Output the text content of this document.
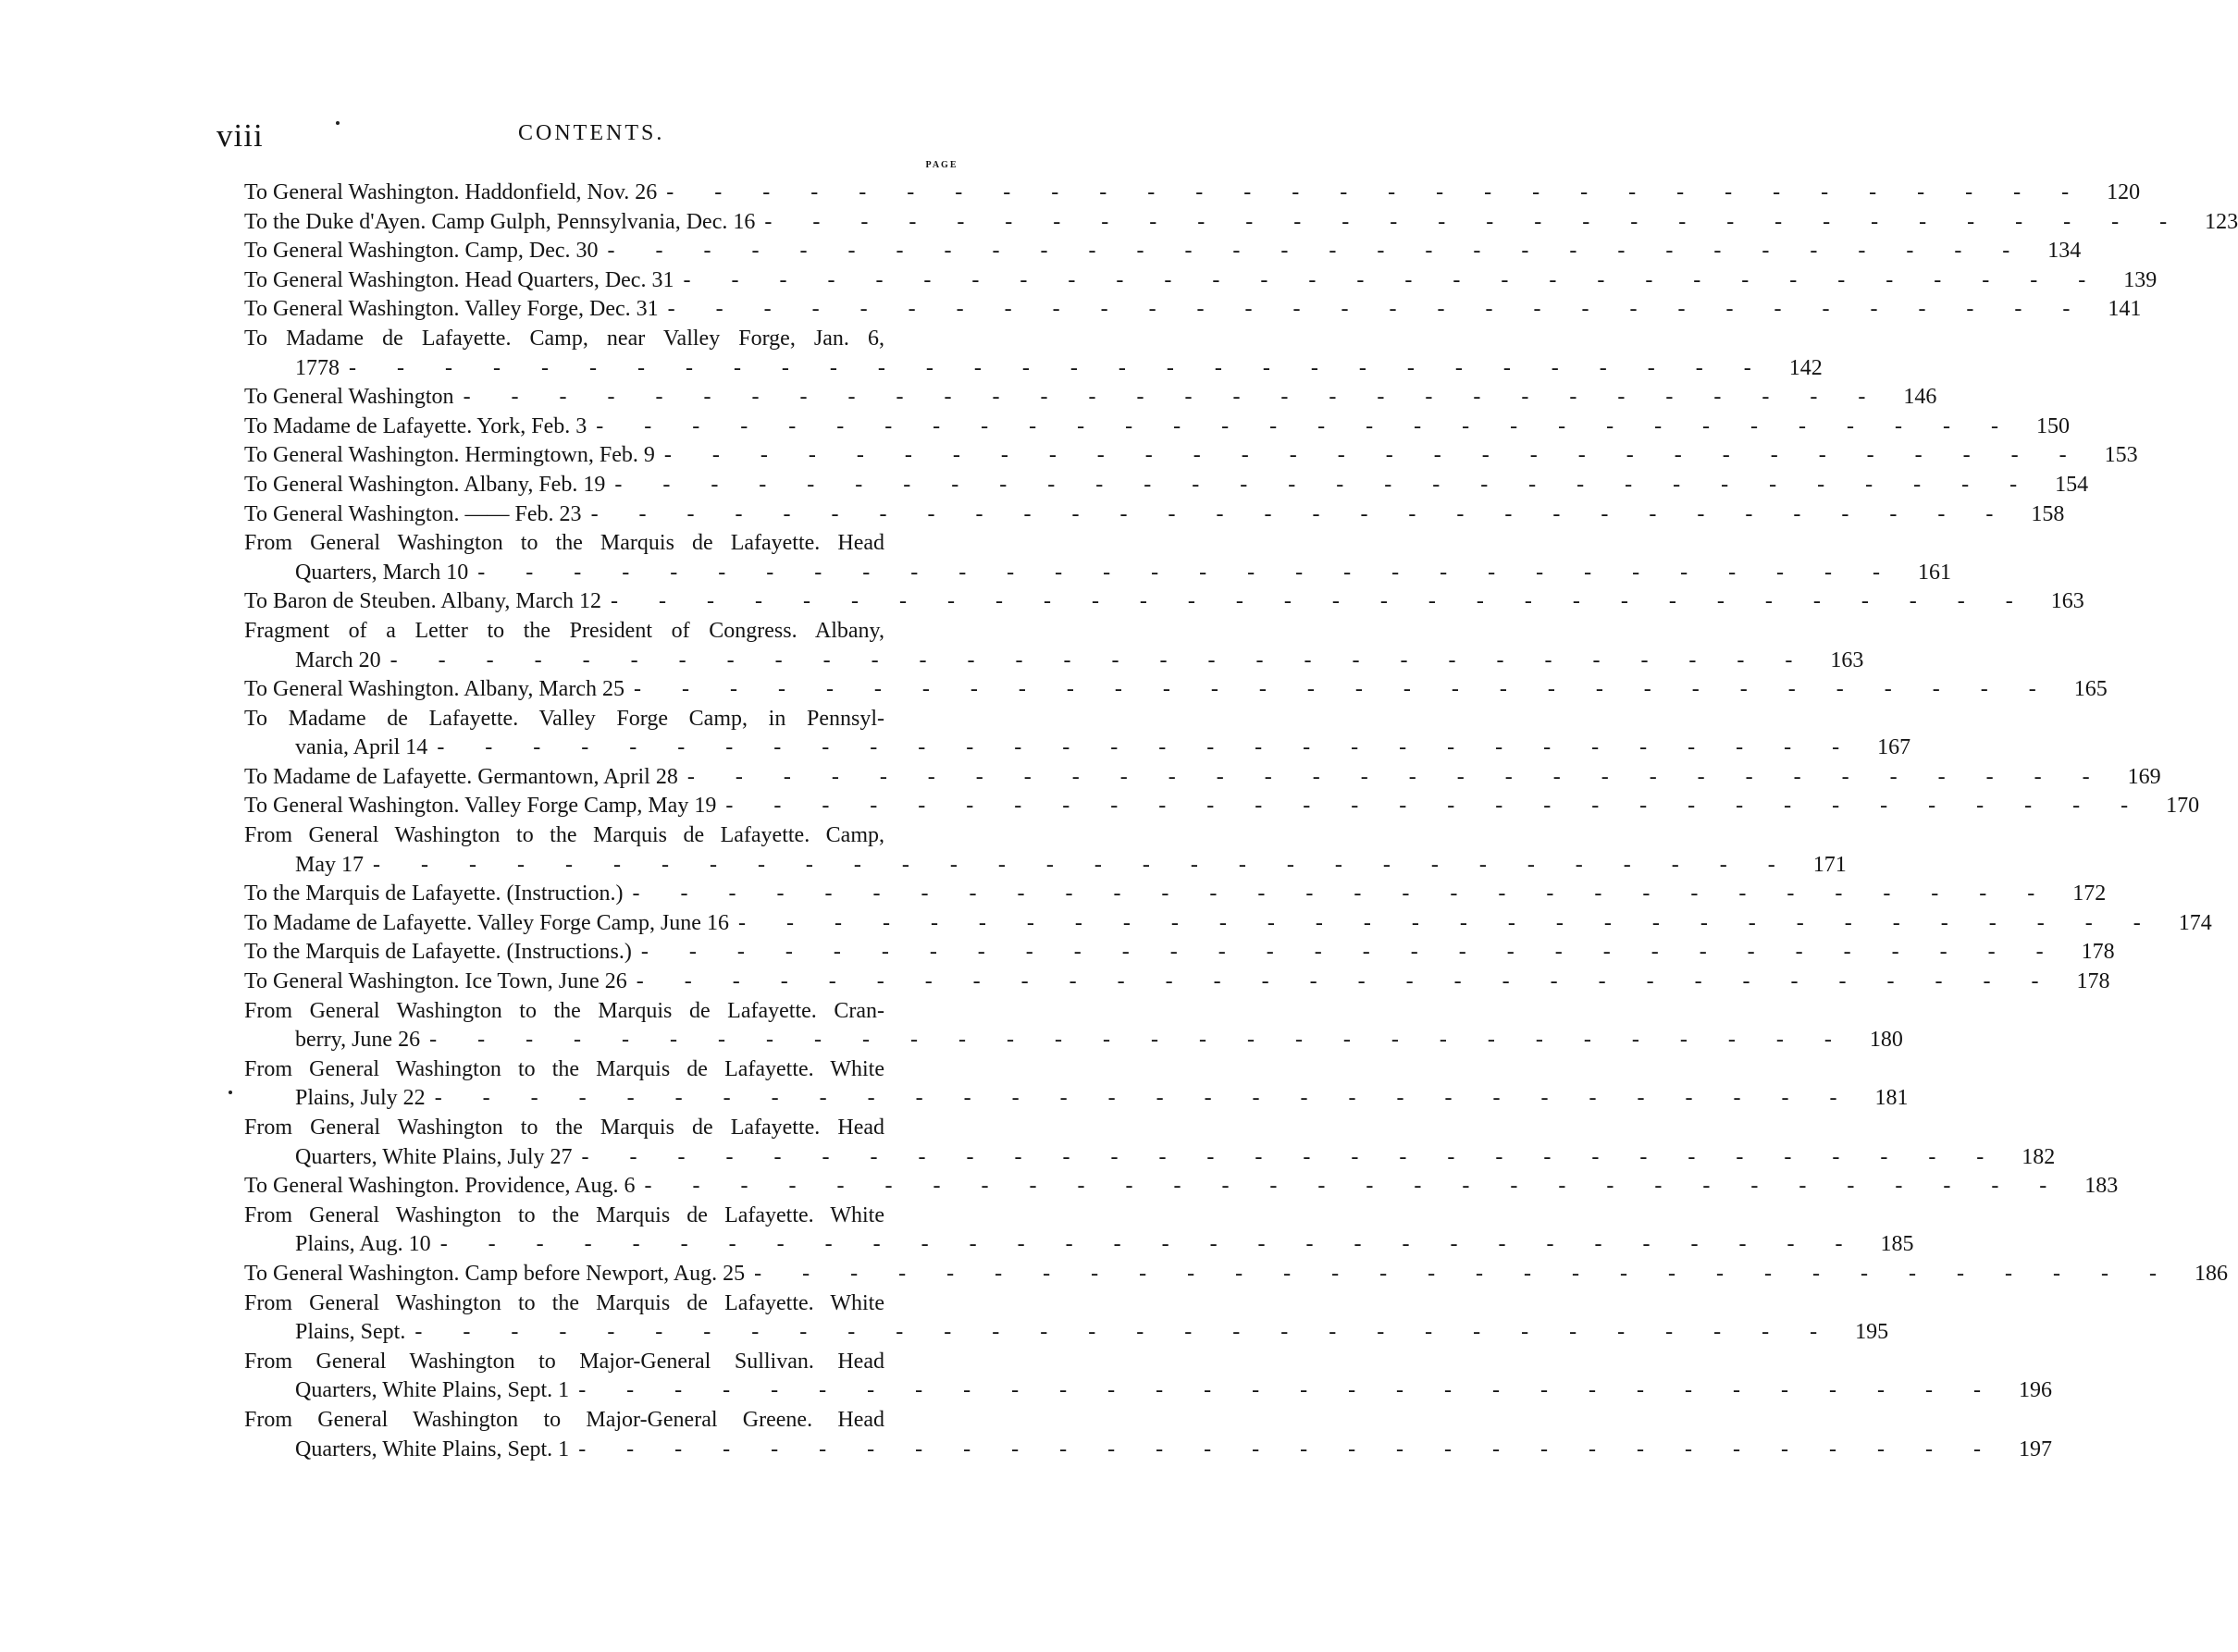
viii	CONTENTS.
PAGE
To General Washington. Haddonfield, Nov. 26 - - - - - - - - - - - - - - - - - - - - - - - - - - - - - - 120
To the Duke d'Ayen. Camp Gulph, Pennsylvania, Dec. 16 - - - - - - - - - - - - - - - - - - - - - - - - - - - - - - 123
To General Washington. Camp, Dec. 30 - - - - - - - - - - - - - - - - - - - - - - - - - - - - - - 134
To General Washington. Head Quarters, Dec. 31 - - - - - - - - - - - - - - - - - - - - - - - - - - - - - - 139
To General Washington. Valley Forge, Dec. 31 - - - - - - - - - - - - - - - - - - - - - - - - - - - - - - 141
To Madame de Lafayette. Camp, near Valley Forge, Jan. 6,
1778 - - - - - - - - - - - - - - - - - - - - - - - - - - - - - - 142
To General Washington - - - - - - - - - - - - - - - - - - - - - - - - - - - - - - 146
To Madame de Lafayette. York, Feb. 3 - - - - - - - - - - - - - - - - - - - - - - - - - - - - - - 150
To General Washington. Hermingtown, Feb. 9 - - - - - - - - - - - - - - - - - - - - - - - - - - - - - - 153
To General Washington. Albany, Feb. 19 - - - - - - - - - - - - - - - - - - - - - - - - - - - - - - 154
To General Washington. —— Feb. 23 - - - - - - - - - - - - - - - - - - - - - - - - - - - - - - 158
From General Washington to the Marquis de Lafayette. Head
Quarters, March 10 - - - - - - - - - - - - - - - - - - - - - - - - - - - - - - 161
To Baron de Steuben. Albany, March 12 - - - - - - - - - - - - - - - - - - - - - - - - - - - - - - 163
Fragment of a Letter to the President of Congress. Albany,
March 20 - - - - - - - - - - - - - - - - - - - - - - - - - - - - - - 163
To General Washington. Albany, March 25 - - - - - - - - - - - - - - - - - - - - - - - - - - - - - - 165
To Madame de Lafayette. Valley Forge Camp, in Pennsyl-
vania, April 14 - - - - - - - - - - - - - - - - - - - - - - - - - - - - - - 167
To Madame de Lafayette. Germantown, April 28 - - - - - - - - - - - - - - - - - - - - - - - - - - - - - - 169
To General Washington. Valley Forge Camp, May 19 - - - - - - - - - - - - - - - - - - - - - - - - - - - - - - 170
From General Washington to the Marquis de Lafayette. Camp,
May 17 - - - - - - - - - - - - - - - - - - - - - - - - - - - - - - 171
To the Marquis de Lafayette. (Instruction.) - - - - - - - - - - - - - - - - - - - - - - - - - - - - - - 172
To Madame de Lafayette. Valley Forge Camp, June 16 - - - - - - - - - - - - - - - - - - - - - - - - - - - - - - 174
To the Marquis de Lafayette. (Instructions.) - - - - - - - - - - - - - - - - - - - - - - - - - - - - - - 178
To General Washington. Ice Town, June 26 - - - - - - - - - - - - - - - - - - - - - - - - - - - - - - 178
From General Washington to the Marquis de Lafayette. Cran-
berry, June 26 - - - - - - - - - - - - - - - - - - - - - - - - - - - - - - 180
From General Washington to the Marquis de Lafayette. White
Plains, July 22 - - - - - - - - - - - - - - - - - - - - - - - - - - - - - - 181
From General Washington to the Marquis de Lafayette. Head
Quarters, White Plains, July 27 - - - - - - - - - - - - - - - - - - - - - - - - - - - - - - 182
To General Washington. Providence, Aug. 6 - - - - - - - - - - - - - - - - - - - - - - - - - - - - - - 183
From General Washington to the Marquis de Lafayette. White
Plains, Aug. 10 - - - - - - - - - - - - - - - - - - - - - - - - - - - - - - 185
To General Washington. Camp before Newport, Aug. 25 - - - - - - - - - - - - - - - - - - - - - - - - - - - - - - 186
From General Washington to the Marquis de Lafayette. White
Plains, Sept. - - - - - - - - - - - - - - - - - - - - - - - - - - - - - - 195
From General Washington to Major-General Sullivan. Head
Quarters, White Plains, Sept. 1 - - - - - - - - - - - - - - - - - - - - - - - - - - - - - - 196
From General Washington to Major-General Greene. Head
Quarters, White Plains, Sept. 1 - - - - - - - - - - - - - - - - - - - - - - - - - - - - - - 197
